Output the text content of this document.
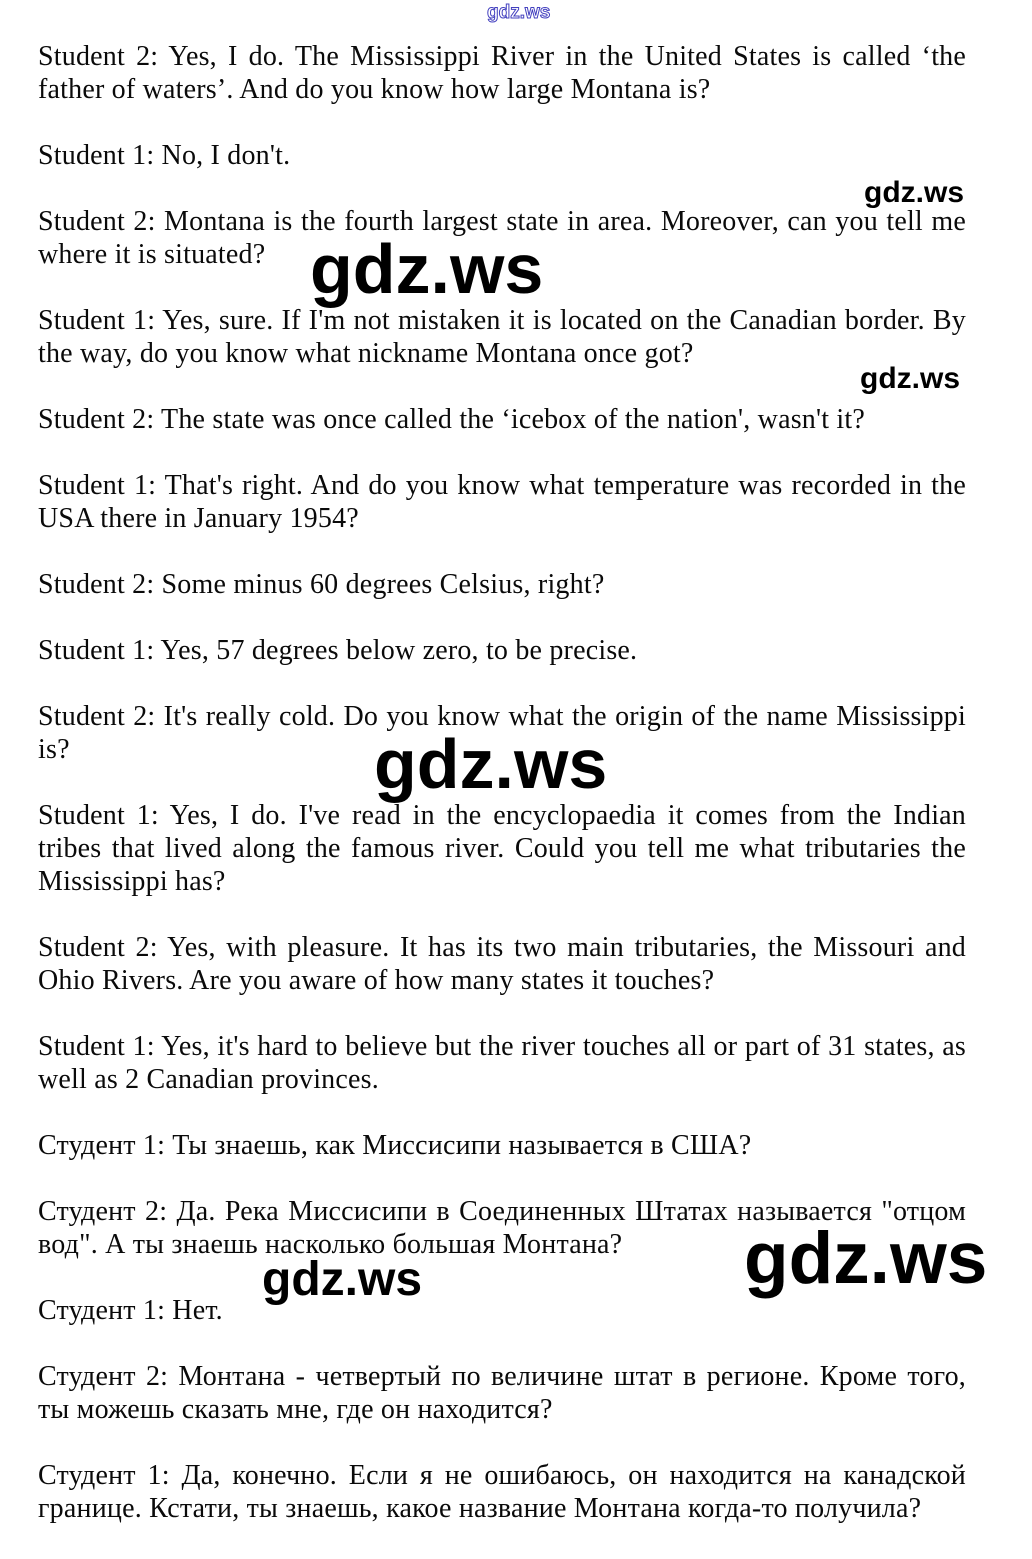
gdz.ws
gdz.ws
gdz.ws
gdz.ws
gdz.ws
gdz.ws
gdz.ws

Student 2: Yes, I do. The Mississippi River in the United States is called ‘the father of waters’. And do you know how large Montana is?

Student 1: No, I don't.

Student 2: Montana is the fourth largest state in area. Moreover, can you tell me where it is situated?

Student 1: Yes, sure. If I'm not mistaken it is located on the Canadian border. By the way, do you know what nickname Montana once got?

Student 2: The state was once called the ‘icebox of the nation', wasn't it?

Student 1: That's right. And do you know what temperature was recorded in the USA there in January 1954?

Student 2: Some minus 60 degrees Celsius, right?

Student 1: Yes, 57 degrees below zero, to be precise.

Student 2: It's really cold. Do you know what the origin of the name Mississippi is?

Student 1: Yes, I do. I've read in the encyclopaedia it comes from the Indian tribes that lived along the famous river. Could you tell me what tributaries the Mississippi has?

Student 2: Yes, with pleasure. It has its two main tributaries, the Missouri and Ohio Rivers. Are you aware of how many states it touches?

Student 1: Yes, it's hard to believe but the river touches all or part of 31 states, as well as 2 Canadian provinces.

Студент 1: Ты знаешь, как Миссисипи называется в США?

Студент 2: Да. Река Миссисипи в Соединенных Штатах называется "отцом вод". А ты знаешь насколько большая Монтана?

Студент 1: Нет.

Студент 2: Монтана - четвертый по величине штат в регионе. Кроме того, ты можешь сказать мне, где он находится?

Студент 1: Да, конечно. Если я не ошибаюсь, он находится на канадской границе. Кстати, ты знаешь, какое название Монтана когда-то получила?
